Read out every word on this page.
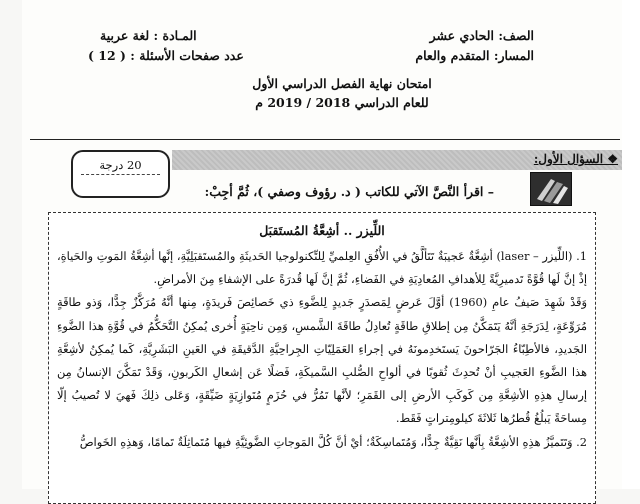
الصف: الحادي عشر
المسار: المتقدم والعام
المـادة : لغة عربية
عدد صفحات الأسئلة : ( 12 )
امتحان نهاية الفصل الدراسي الأول
للعام الدراسي 2018 / 2019 م
20 درجة	❖ السؤال الأول:
– اقرأ النَّصَّ الآتي للكاتب ( د. رؤوف وصفي )، ثُمَّ أجِبْ:
اللِّيزر .. أشِعَّةُ المُستَقبَل

1. (اللِّيزر – laser) أشِعَّةٌ عَجيبَةٌ تَتَألَّقُ في الأُفُقِ العِلميِّ لِلتِّكنولوجيا الحَديثَةِ والمُستَقبَلِيَّةِ، إنَّها أشِعَّةُ المَوتِ والحَياةِ، إذْ إنَّ لَها قُوَّةً تَدميرِيَّةً لِلأهدافِ المُعادِيَةِ في الفَضاءِ، ثُمَّ إنَّ لَها قُدرَةً على الإشفاءِ مِنَ الأمراضِ.

وَقَدْ شَهِدَ صَيفُ عامِ (1960) أوَّلَ عَرضٍ لِمَصدَرٍ جَديدٍ لِلضَّوءِ ذي خَصائِصَ فَريدَةٍ، مِنها أنَّهُ مُرَكَّزٌ جِدًّا، وَذو طاقَةٍ مُرَوِّعَةٍ، لِدَرَجَةِ أنَّهُ يَتَمَكَّنُ مِن إطلاقِ طاقَةٍ تُعادِلُ طاقَةَ الشَّمسِ، وَمِن ناحِيَةٍ أُخرى يُمكِنُ التَّحَكُّمُ في قُوَّةِ هذا الضَّوءِ الجَديدِ، فالأطِبّاءُ الجَرّاحونَ يَستَخدِمونَهُ في إجراءِ العَمَلِيّاتِ الجِراحِيَّةِ الدَّقيقَةِ في العَينِ البَشَرِيَّةِ، كَما يُمكِنُ لأشِعَّةِ هذا الضَّوءِ العَجيبِ أنْ تُحدِثَ ثُقوبًا في ألواحِ الصُّلبِ السَّميكَةِ، فَضلًا عَن إشعالِ الكَربونِ، وَقَدْ تَمَكَّنَ الإنسانُ مِن إرسالِ هذِهِ الأشِعَّةِ مِن كَوكَبِ الأرضِ إلى القَمَرِ؛ لأنَّها تَمُرُّ في حُزَمٍ مُتَوازِيَةٍ ضَيِّقَةٍ، وَعَلى ذلِكَ فَهيَ لا تُصيبُ إلّا مِساحَةً يَبلُغُ قُطرُها ثَلاثَةَ كيلومِتراتٍ فَقَط.

2. وَتَتَميَّزُ هذِهِ الأشِعَّةُ بِأنَّها نَقِيَّةٌ جِدًّا، وَمُتَماسِكَةٌ؛ أيْ أنَّ كُلَّ المَوجاتِ الضَّوئِيَّةِ فيها مُتَماثِلَةٌ تَمامًا، وَهذِهِ الخَواصُّ
